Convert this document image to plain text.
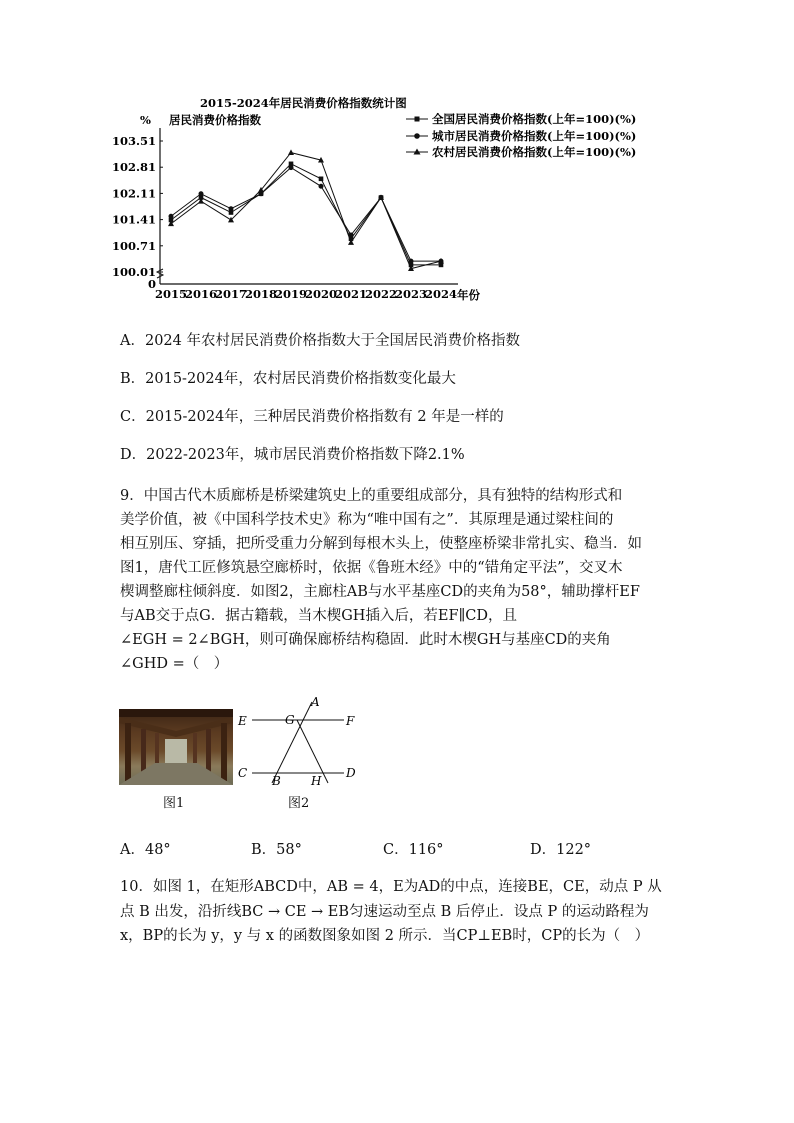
2015-2024年居民消费价格指数统计图
% 居民消费价格指数
年份
103.51
102.81
102.11
101.41
100.71
100.01
0
2015
2016
2017
2018
2019
2020
2021
2022
2023
2024
全国居民消费价格指数(上年=100)(%)
城市居民消费价格指数(上年=100)(%)
农村居民消费价格指数(上年=100)(%)
A．2024 年农村居民消费价格指数大于全国居民消费价格指数
B．2015-2024年，农村居民消费价格指数变化最大
C．2015-2024年，三种居民消费价格指数有 2 年是一样的
D．2022-2023年，城市居民消费价格指数下降2.1%
9．中国古代木质廊桥是桥梁建筑史上的重要组成部分，具有独特的结构形式和
美学价值，被《中国科学技术史》称为“唯中国有之”．其原理是通过梁柱间的
相互别压、穿插，把所受重力分解到每根木头上，使整座桥梁非常扎实、稳当．如
图1，唐代工匠修筑悬空廊桥时，依据《鲁班木经》中的“错角定平法”，交叉木
楔调整廊柱倾斜度．如图2，主廊柱AB与水平基座CD的夹角为58°，辅助撑杆EF
与AB交于点G．据古籍载，当木楔GH插入后，若EF∥CD，且
∠EGH = 2∠BGH，则可确保廊桥结构稳固．此时木楔GH与基座CD的夹角
∠GHD =（　）
图1
A
E	F
G
C	D
B	H
图2
A．48°	B．58°	C．116°	D．122°
10．如图 1，在矩形ABCD中，AB = 4，E为AD的中点，连接BE，CE，动点 P 从
点 B 出发，沿折线BC → CE → EB匀速运动至点 B 后停止．设点 P 的运动路程为
x，BP的长为 y，y 与 x 的函数图象如图 2 所示．当CP⊥EB时，CP的长为（　）
